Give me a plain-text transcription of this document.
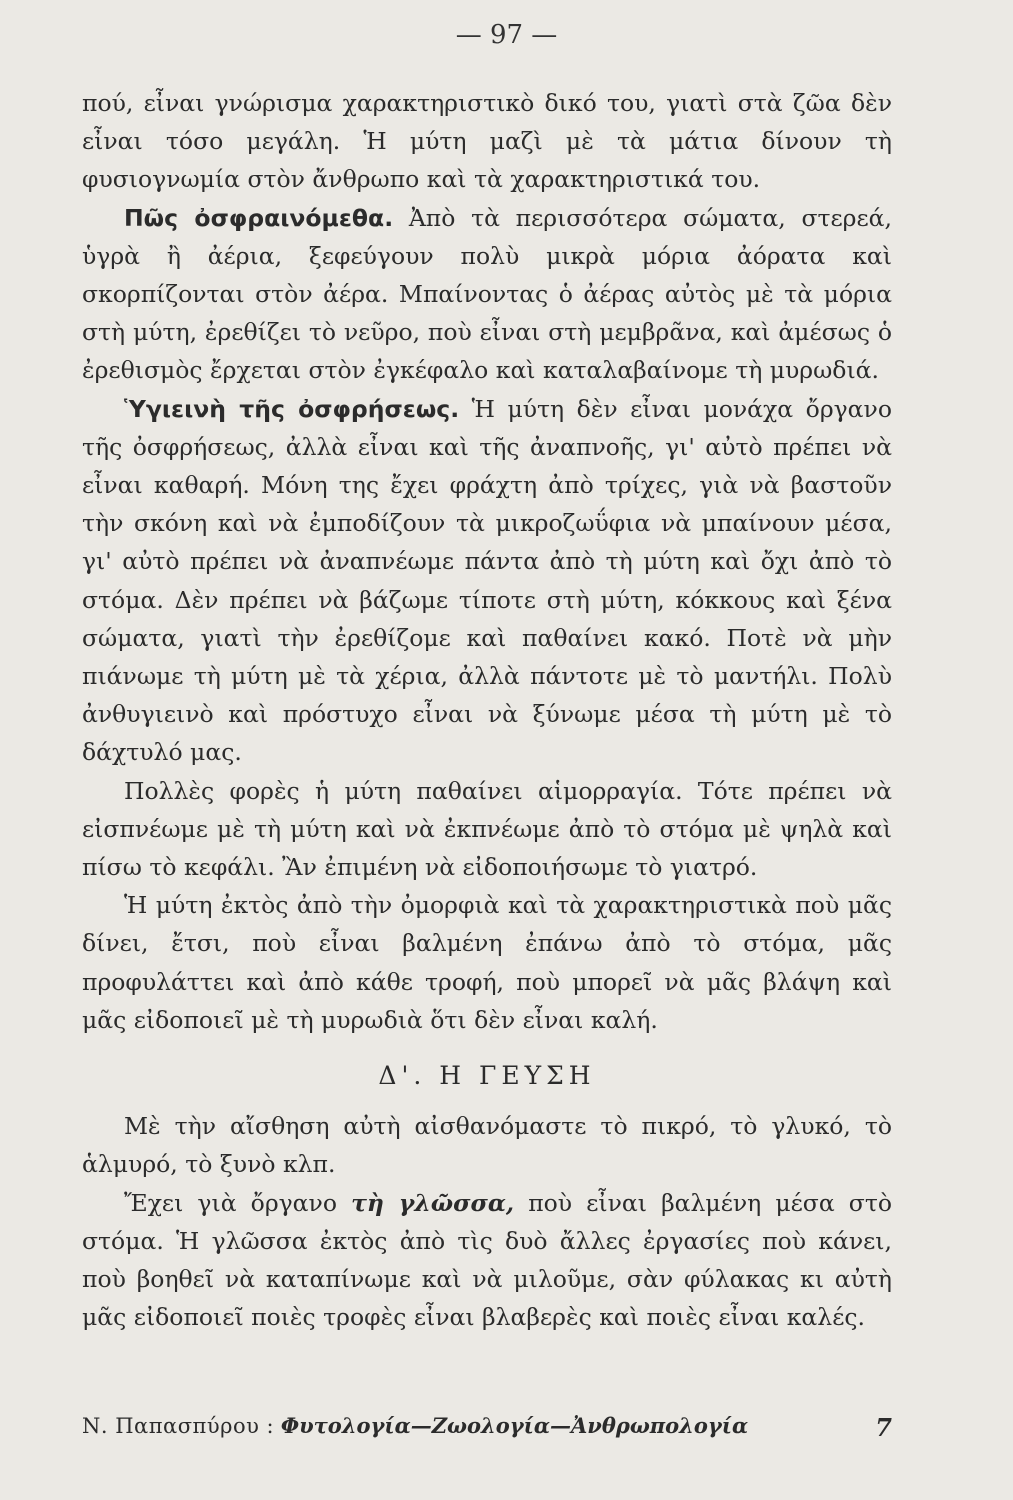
— 97 —

πού, εἶναι γνώρισμα χαρακτηριστικὸ δικό του, γιατὶ στὰ ζῶα δὲν εἶναι τόσο μεγάλη. Ἡ μύτη μαζὶ μὲ τὰ μάτια δίνουν τὴ φυσιογνωμία στὸν ἄνθρωπο καὶ τὰ χαρακτηριστικά του.

Πῶς ὀσφραινόμεθα. Ἀπὸ τὰ περισσότερα σώματα, στερεά, ὑγρὰ ἢ ἀέρια, ξεφεύγουν πολὺ μικρὰ μόρια ἀόρατα καὶ σκορπίζονται στὸν ἀέρα. Μπαίνοντας ὁ ἀέρας αὐτὸς μὲ τὰ μόρια στὴ μύτη, ἐρεθίζει τὸ νεῦρο, ποὺ εἶναι στὴ μεμβρᾶνα, καὶ ἀμέσως ὁ ἐρεθισμὸς ἔρχεται στὸν ἐγκέφαλο καὶ καταλαβαίνομε τὴ μυρωδιά.

Ὑγιεινὴ τῆς ὀσφρήσεως. Ἡ μύτη δὲν εἶναι μονάχα ὄργανο τῆς ὀσφρήσεως, ἀλλὰ εἶναι καὶ τῆς ἀναπνοῆς, γι' αὐτὸ πρέπει νὰ εἶναι καθαρή. Μόνη της ἔχει φράχτη ἀπὸ τρίχες, γιὰ νὰ βαστοῦν τὴν σκόνη καὶ νὰ ἐμποδίζουν τὰ μικροζωΰφια νὰ μπαίνουν μέσα, γι' αὐτὸ πρέπει νὰ ἀναπνέωμε πάντα ἀπὸ τὴ μύτη καὶ ὄχι ἀπὸ τὸ στόμα. Δὲν πρέπει νὰ βάζωμε τίποτε στὴ μύτη, κόκκους καὶ ξένα σώματα, γιατὶ τὴν ἐρεθίζομε καὶ παθαίνει κακό. Ποτὲ νὰ μὴν πιάνωμε τὴ μύτη μὲ τὰ χέρια, ἀλλὰ πάντοτε μὲ τὸ μαντήλι. Πολὺ ἀνθυγιεινὸ καὶ πρόστυχο εἶναι νὰ ξύνωμε μέσα τὴ μύτη μὲ τὸ δάχτυλό μας.

Πολλὲς φορὲς ἡ μύτη παθαίνει αἱμορραγία. Τότε πρέπει νὰ εἰσπνέωμε μὲ τὴ μύτη καὶ νὰ ἐκπνέωμε ἀπὸ τὸ στόμα μὲ ψηλὰ καὶ πίσω τὸ κεφάλι. Ἂν ἐπιμένη νὰ εἰδοποιήσωμε τὸ γιατρό.

Ἡ μύτη ἐκτὸς ἀπὸ τὴν ὀμορφιὰ καὶ τὰ χαρακτηριστικὰ ποὺ μᾶς δίνει, ἔτσι, ποὺ εἶναι βαλμένη ἐπάνω ἀπὸ τὸ στόμα, μᾶς προφυλάττει καὶ ἀπὸ κάθε τροφή, ποὺ μπορεῖ νὰ μᾶς βλάψη καὶ μᾶς εἰδοποιεῖ μὲ τὴ μυρωδιὰ ὅτι δὲν εἶναι καλή.

Δ'. Η ΓΕΥΣΗ

Μὲ τὴν αἴσθηση αὐτὴ αἰσθανόμαστε τὸ πικρό, τὸ γλυκό, τὸ ἁλμυρό, τὸ ξυνὸ κλπ.

Ἔχει γιὰ ὄργανο τὴ γλῶσσα, ποὺ εἶναι βαλμένη μέσα στὸ στόμα. Ἡ γλῶσσα ἐκτὸς ἀπὸ τὶς δυὸ ἄλλες ἐργασίες ποὺ κάνει, ποὺ βοηθεῖ νὰ καταπίνωμε καὶ νὰ μιλοῦμε, σὰν φύλακας κι αὐτὴ μᾶς εἰδοποιεῖ ποιὲς τροφὲς εἶναι βλαβερὲς καὶ ποιὲς εἶναι καλές.

Ν. Παπασπύρου : Φυτολογία—Ζωολογία—Ἀνθρωπολογία	7
